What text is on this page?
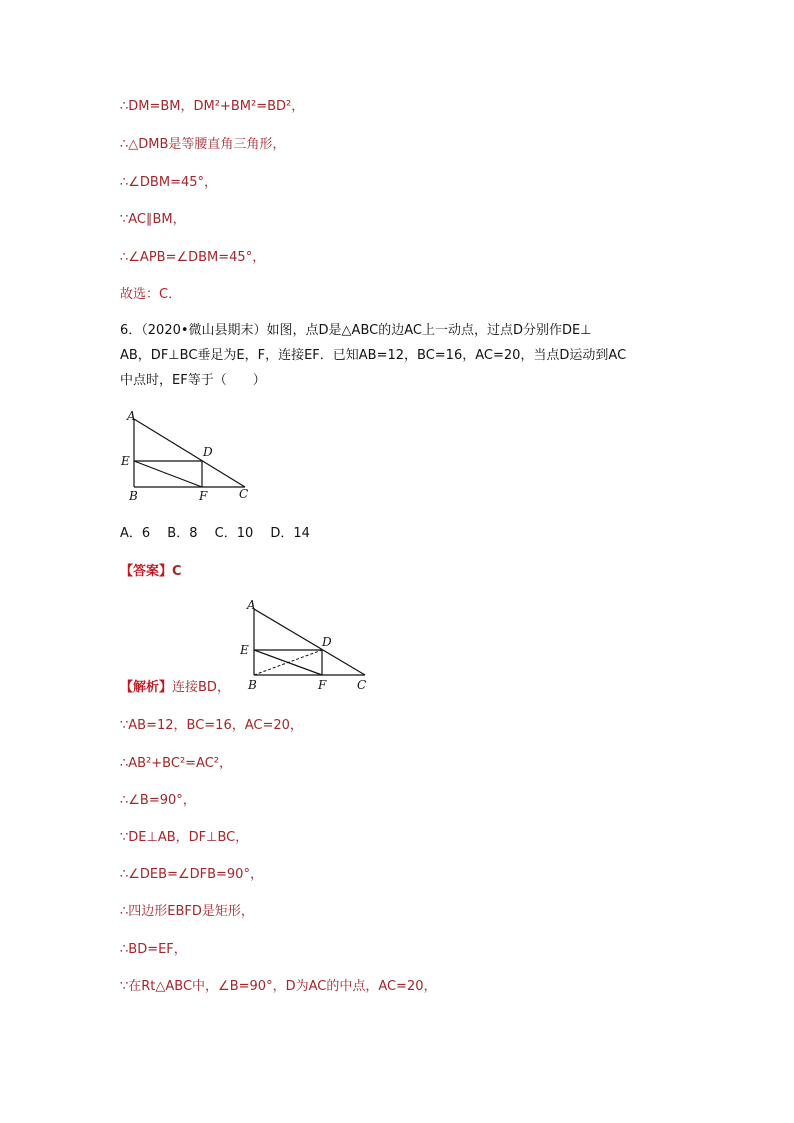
∴DM=BM，DM²+BM²=BD²，
∴△DMB是等腰直角三角形，
∴∠DBM=45°，
∵AC∥BM，
∴∠APB=∠DBM=45°，
故选：C．
6．（2020•微山县期末）如图，点D是△ABC的边AC上一动点，过点D分别作DE⊥
AB，DF⊥BC垂足为E，F，连接EF．已知AB=12，BC=16，AC=20，当点D运动到AC
中点时，EF等于（　　）
A
E
B	F	C
D
A．6　 B．8　 C．10　 D．14
【答案】C
A
E
B	F	C
D
【解析】连接BD，
∵AB=12，BC=16，AC=20，
∴AB²+BC²=AC²，
∴∠B=90°，
∵DE⊥AB，DF⊥BC，
∴∠DEB=∠DFB=90°，
∴四边形EBFD是矩形，
∴BD=EF，
∵在Rt△ABC中，∠B=90°，D为AC的中点，AC=20，
